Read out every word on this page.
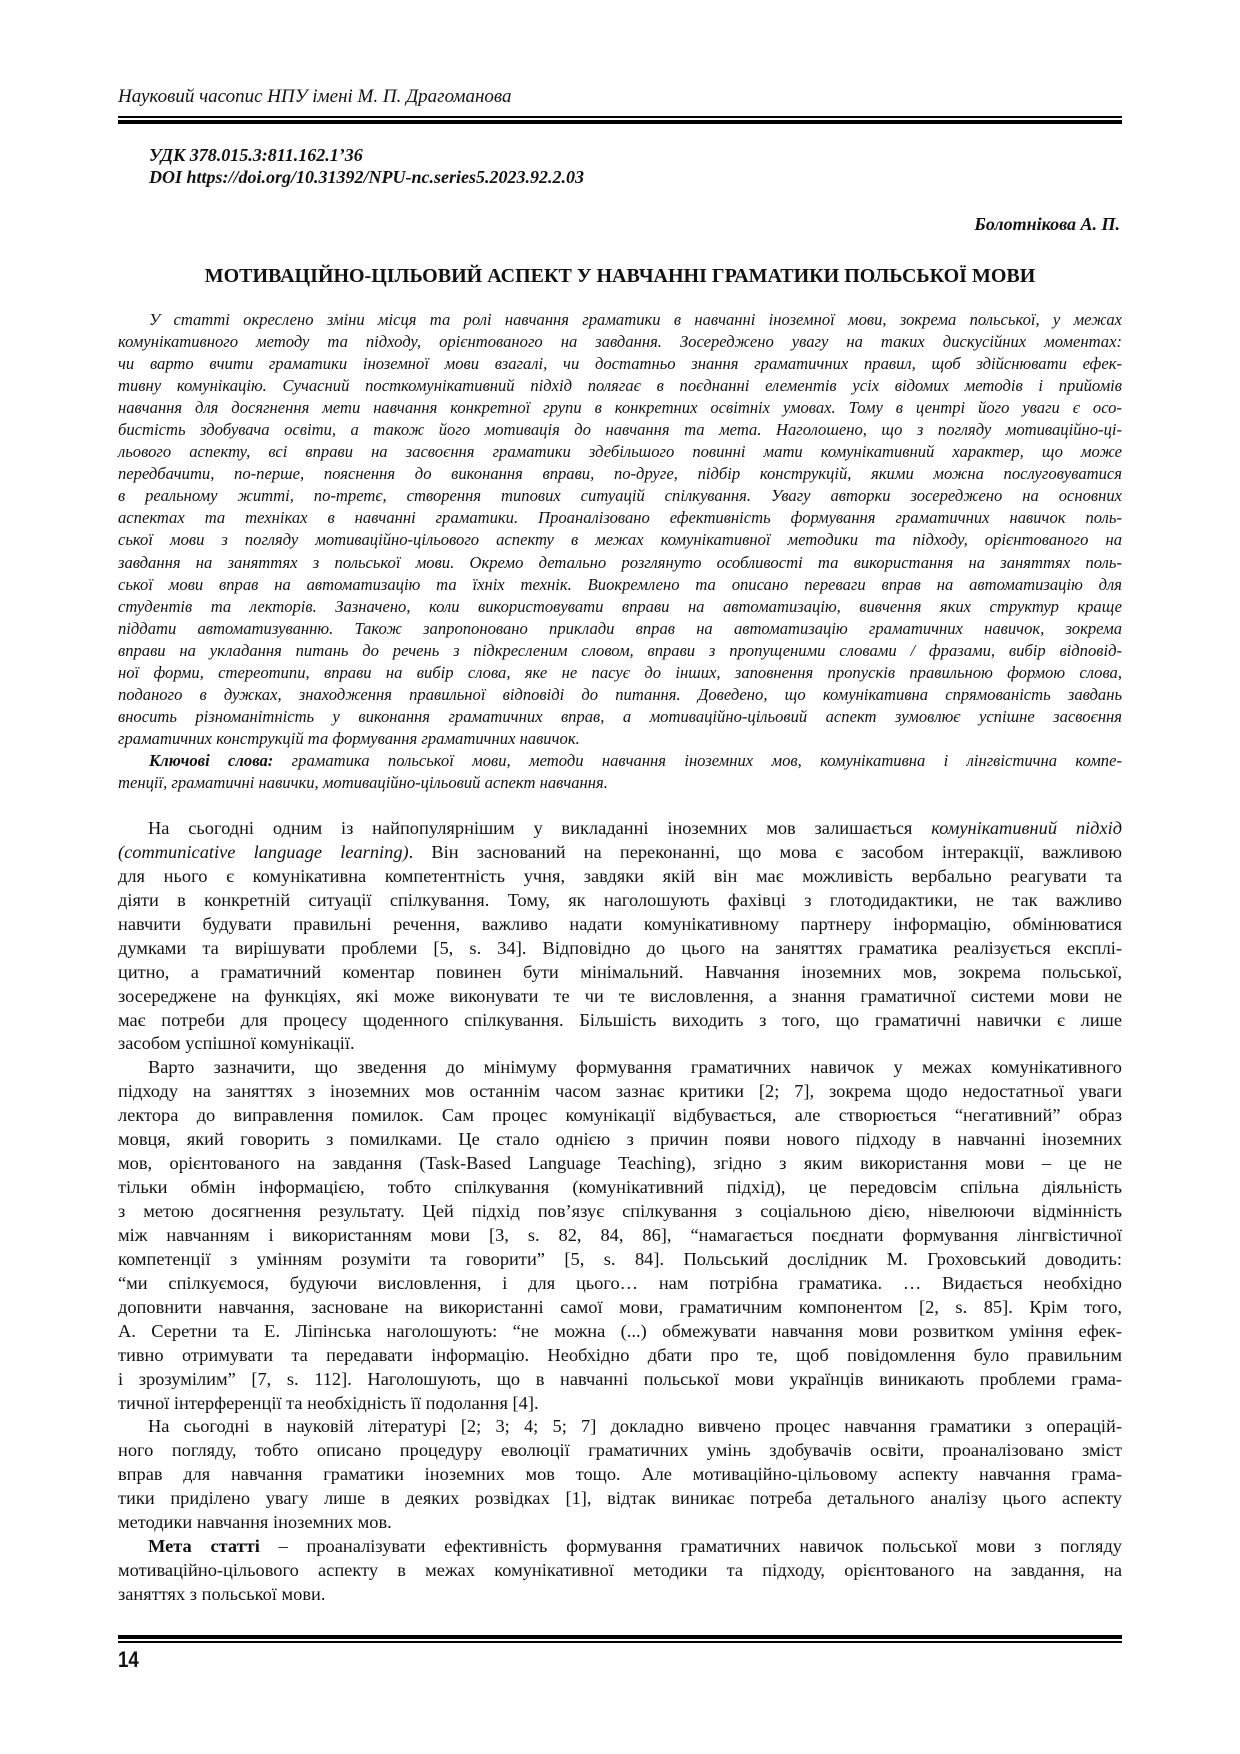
Науковий часопис НПУ імені М. П. Драгоманова
УДК 378.015.3:811.162.1’36
DOI https://doi.org/10.31392/NPU-nc.series5.2023.92.2.03
Болотнікова А. П.
МОТИВАЦІЙНО-ЦІЛЬОВИЙ АСПЕКТ У НАВЧАННІ ГРАМАТИКИ ПОЛЬСЬКОЇ МОВИ
У статті окреслено зміни місця та ролі навчання граматики в навчанні іноземної мови, зокрема польської, у межах
комунікативного методу та підходу, орієнтованого на завдання. Зосереджено увагу на таких дискусійних моментах:
чи варто вчити граматики іноземної мови взагалі, чи достатньо знання граматичних правил, щоб здійснювати ефек-
тивну комунікацію. Сучасний посткомунікативний підхід полягає в поєднанні елементів усіх відомих методів і прийомів
навчання для досягнення мети навчання конкретної групи в конкретних освітніх умовах. Тому в центрі його уваги є осо-
бистість здобувача освіти, а також його мотивація до навчання та мета. Наголошено, що з погляду мотиваційно-ці-
льового аспекту, всі вправи на засвоєння граматики здебільшого повинні мати комунікативний характер, що може
передбачити, по-перше, пояснення до виконання вправи, по-друге, підбір конструкцій, якими можна послуговуватися
в реальному житті, по-третє, створення типових ситуацій спілкування. Увагу авторки зосереджено на основних
аспектах та техніках в навчанні граматики. Проаналізовано ефективність формування граматичних навичок поль-
ської мови з погляду мотиваційно-цільового аспекту в межах комунікативної методики та підходу, орієнтованого на
завдання на заняттях з польської мови. Окремо детально розглянуто особливості та використання на заняттях поль-
ської мови вправ на автоматизацію та їхніх технік. Виокремлено та описано переваги вправ на автоматизацію для
студентів та лекторів. Зазначено, коли використовувати вправи на автоматизацію, вивчення яких структур краще
піддати автоматизуванню. Також запропоновано приклади вправ на автоматизацію граматичних навичок, зокрема
вправи на укладання питань до речень з підкресленим словом, вправи з пропущеними словами / фразами, вибір відповід-
ної форми, стереотипи, вправи на вибір слова, яке не пасує до інших, заповнення пропусків правильною формою слова,
поданого в дужках, знаходження правильної відповіді до питання. Доведено, що комунікативна спрямованість завдань
вносить різноманітність у виконання граматичних вправ, а мотиваційно-цільовий аспект зумовлює успішне засвоєння
граматичних конструкцій та формування граматичних навичок.
Ключові слова: граматика польської мови, методи навчання іноземних мов, комунікативна і лінгвістична компе-
тенції, граматичні навички, мотиваційно-цільовий аспект навчання.
На сьогодні одним із найпопулярнішим у викладанні іноземних мов залишається комунікативний підхід
(communicative language learning). Він заснований на переконанні, що мова є засобом інтеракції, важливою
для нього є комунікативна компетентність учня, завдяки якій він має можливість вербально реагувати та
діяти в конкретній ситуації спілкування. Тому, як наголошують фахівці з глотодидактики, не так важливо
навчити будувати правильні речення, важливо надати комунікативному партнеру інформацію, обмінюватися
думками та вирішувати проблеми [5, s. 34]. Відповідно до цього на заняттях граматика реалізується експлі-
цитно, а граматичний коментар повинен бути мінімальний. Навчання іноземних мов, зокрема польської,
зосереджене на функціях, які може виконувати те чи те висловлення, а знання граматичної системи мови не
має потреби для процесу щоденного спілкування. Більшість виходить з того, що граматичні навички є лише
засобом успішної комунікації.
Варто зазначити, що зведення до мінімуму формування граматичних навичок у межах комунікативного
підходу на заняттях з іноземних мов останнім часом зазнає критики [2; 7], зокрема щодо недостатньої уваги
лектора до виправлення помилок. Сам процес комунікації відбувається, але створюється “негативний” образ
мовця, який говорить з помилками. Це стало однією з причин появи нового підходу в навчанні іноземних
мов, орієнтованого на завдання (Task-Based Language Teaching), згідно з яким використання мови – це не
тільки обмін інформацією, тобто спілкування (комунікативний підхід), це передовсім спільна діяльність
з метою досягнення результату. Цей підхід пов’язує спілкування з соціальною дією, нівелюючи відмінність
між навчанням і використанням мови [3, s. 82, 84, 86], “намагається поєднати формування лінгвістичної
компетенції з умінням розуміти та говорити” [5, s. 84]. Польський дослідник М. Гроховський доводить:
“ми спілкуємося, будуючи висловлення, і для цього… нам потрібна граматика. … Видається необхідно
доповнити навчання, засноване на використанні самої мови, граматичним компонентом [2, s. 85]. Крім того,
А. Серетни та Е. Ліпінська наголошують: “не можна (...) обмежувати навчання мови розвитком уміння ефек-
тивно отримувати та передавати інформацію. Необхідно дбати про те, щоб повідомлення було правильним
і зрозумілим” [7, s. 112]. Наголошують, що в навчанні польської мови українців виникають проблеми грама-
тичної інтерференції та необхідність її подолання [4].
На сьогодні в науковій літературі [2; 3; 4; 5; 7] докладно вивчено процес навчання граматики з операцій-
ного погляду, тобто описано процедуру еволюції граматичних умінь здобувачів освіти, проаналізовано зміст
вправ для навчання граматики іноземних мов тощо. Але мотиваційно-цільовому аспекту навчання грама-
тики приділено увагу лише в деяких розвідках [1], відтак виникає потреба детального аналізу цього аспекту
методики навчання іноземних мов.
Мета статті – проаналізувати ефективність формування граматичних навичок польської мови з погляду
мотиваційно-цільового аспекту в межах комунікативної методики та підходу, орієнтованого на завдання, на
заняттях з польської мови.
14
